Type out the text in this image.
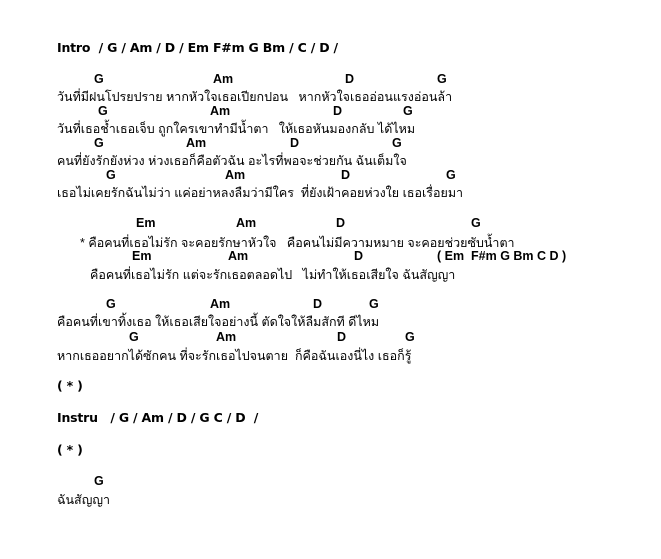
Intro / G / Am / D / Em F#m G Bm / C / D /
G	Am	D	G
วันที่มีฝนโปรยปราย หากหัวใจเธอเปียกปอน   หากหัวใจเธออ่อนแรงอ่อนล้า
G	Am	D	G
วันที่เธอช้ำเธอเจ็บ ถูกใครเขาทำมีน้ำตา   ให้เธอหันมองกลับ ได้ไหม
G	Am	D	G
คนที่ยังรักยังห่วง ห่วงเธอก็คือตัวฉัน อะไรที่พอจะช่วยกัน ฉันเต็มใจ
G	Am	D	G
เธอไม่เคยรักฉันไม่ว่า แค่อย่าหลงลืมว่ามีใคร  ที่ยังเฝ้าคอยห่วงใย เธอเรื่อยมา
Em	Am	D	G
* คือคนที่เธอไม่รัก จะคอยรักษาหัวใจ   คือคนไม่มีความหมาย จะคอยช่วยซับน้ำตา
Em	Am	D	( Em  F#m G Bm C D )
คือคนที่เธอไม่รัก แต่จะรักเธอตลอดไป   ไม่ทำให้เธอเสียใจ ฉันสัญญา
G	Am	D	G
คือคนที่เขาทิ้งเธอ ให้เธอเสียใจอย่างนี้ ตัดใจให้ลืมสักที ดีไหม
G	Am	D	G
หากเธออยากได้ซักคน ที่จะรักเธอไปจนตาย  ก็คือฉันเองนี่ไง เธอก็รู้
( * )
Instru / G / Am / D / G C / D  /
( * )
G
ฉันสัญญา
